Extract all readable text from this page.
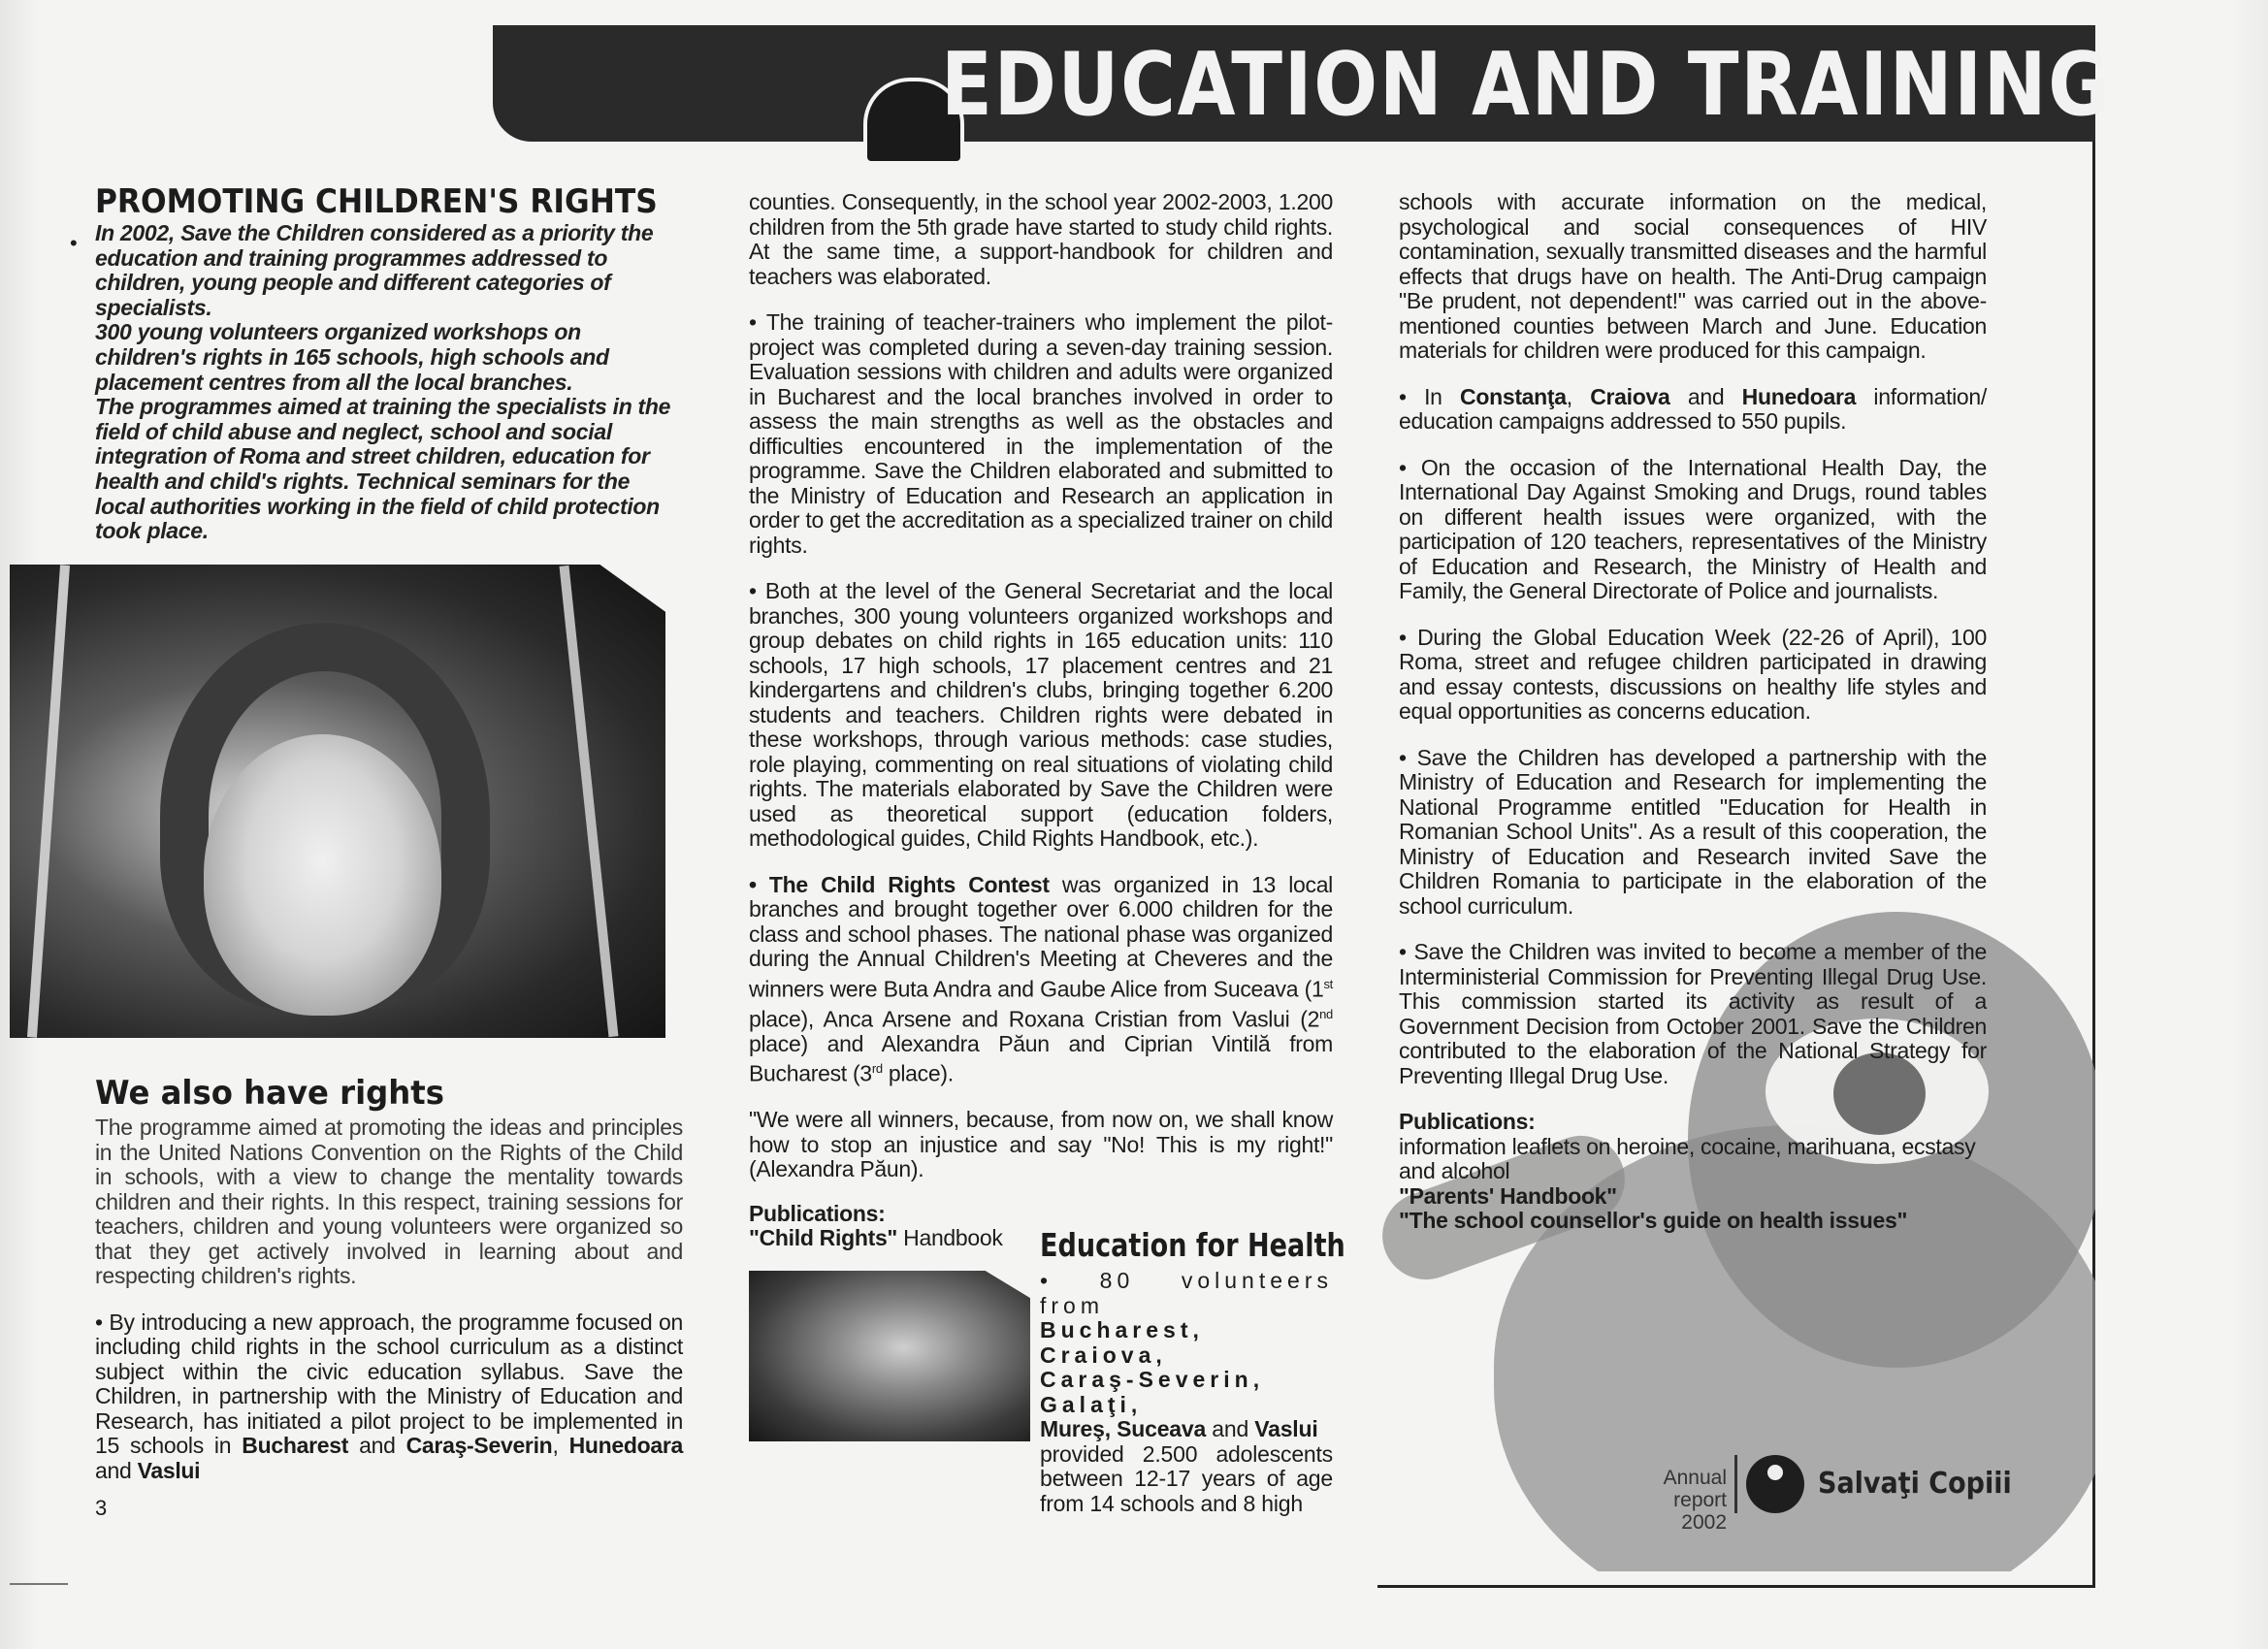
EDUCATION AND TRAINING
PROMOTING CHILDREN'S RIGHTS
• In 2002, Save the Children considered as a priority the education and training programmes addressed to children, young people and different categories of specialists.

300 young volunteers organized workshops on children's rights in 165 schools, high schools and placement centres from all the local branches.

The programmes aimed at training the specialists in the field of child abuse and neglect, school and social integration of Roma and street children, education for health and child's rights. Technical seminars for the local authorities working in the field of child protection took place.

We also have rights

The programme aimed at promoting the ideas and principles in the United Nations Convention on the Rights of the Child in schools, with a view to change the mentality towards children and their rights. In this respect, training sessions for teachers, children and young volunteers were organized so that they get actively involved in learning about and respecting children's rights.

• By introducing a new approach, the programme focused on including child rights in the school curriculum as a distinct subject within the civic education syllabus. Save the Children, in partnership with the Ministry of Education and Research, has initiated a pilot project to be implemented in 15 schools in Bucharest and Caraş-Severin, Hunedoara and Vaslui

3

counties. Consequently, in the school year 2002-2003, 1.200 children from the 5th grade have started to study child rights. At the same time, a support-handbook for children and teachers was elaborated.

• The training of teacher-trainers who implement the pilot-project was completed during a seven-day training session. Evaluation sessions with children and adults were organized in Bucharest and the local branches involved in order to assess the main strengths as well as the obstacles and difficulties encountered in the implementation of the programme. Save the Children elaborated and submitted to the Ministry of Education and Research an application in order to get the accreditation as a specialized trainer on child rights.

• Both at the level of the General Secretariat and the local branches, 300 young volunteers organized workshops and group debates on child rights in 165 education units: 110 schools, 17 high schools, 17 placement centres and 21 kindergartens and children's clubs, bringing together 6.200 students and teachers. Children rights were debated in these workshops, through various methods: case studies, role playing, commenting on real situations of violating child rights. The materials elaborated by Save the Children were used as theoretical support (education folders, methodological guides, Child Rights Handbook, etc.).

• The Child Rights Contest was organized in 13 local branches and brought together over 6.000 children for the class and school phases. The national phase was organized during the Annual Children's Meeting at Cheveres and the winners were Buta Andra and Gaube Alice from Suceava (1st place), Anca Arsene and Roxana Cristian from Vaslui (2nd place) and Alexandra Păun and Ciprian Vintilă from Bucharest (3rd place).

"We were all winners, because, from now on, we shall know how to stop an injustice and say "No! This is my right!" (Alexandra Păun).

Publications:
"Child Rights" Handbook	Education for Health
• 80 volunteers from
Bucharest, Craiova,
Caraş-Severin, Galaţi,
Mureş, Suceava and Vaslui
provided 2.500 adolescents between 12-17 years of age from 14 schools and 8 high

schools with accurate information on the medical, psychological and social consequences of HIV contamination, sexually transmitted diseases and the harmful effects that drugs have on health. The Anti-Drug campaign "Be prudent, not dependent!" was carried out in the above-mentioned counties between March and June. Education materials for children were produced for this campaign.

• In Constanţa, Craiova and Hunedoara information/ education campaigns addressed to 550 pupils.

• On the occasion of the International Health Day, the International Day Against Smoking and Drugs, round tables on different health issues were organized, with the participation of 120 teachers, representatives of the Ministry of Education and Research, the Ministry of Health and Family, the General Directorate of Police and journalists.

• During the Global Education Week (22-26 of April), 100 Roma, street and refugee children participated in drawing and essay contests, discussions on healthy life styles and equal opportunities as concerns education.

• Save the Children has developed a partnership with the Ministry of Education and Research for implementing the National Programme entitled "Education for Health in Romanian School Units". As a result of this cooperation, the Ministry of Education and Research invited Save the Children Romania to participate in the elaboration of the school curriculum.

• Save the Children was invited to become a member of the Interministerial Commission for Preventing Illegal Drug Use. This commission started its activity as result of a Government Decision from October 2001. Save the Children contributed to the elaboration of the National Strategy for Preventing Illegal Drug Use.

Publications:
information leaflets on heroine, cocaine, marihuana, ecstasy and alcohol
"Parents' Handbook"
"The school counsellor's guide on health issues"
Annual
report 2002
Salvaţi Copiii
